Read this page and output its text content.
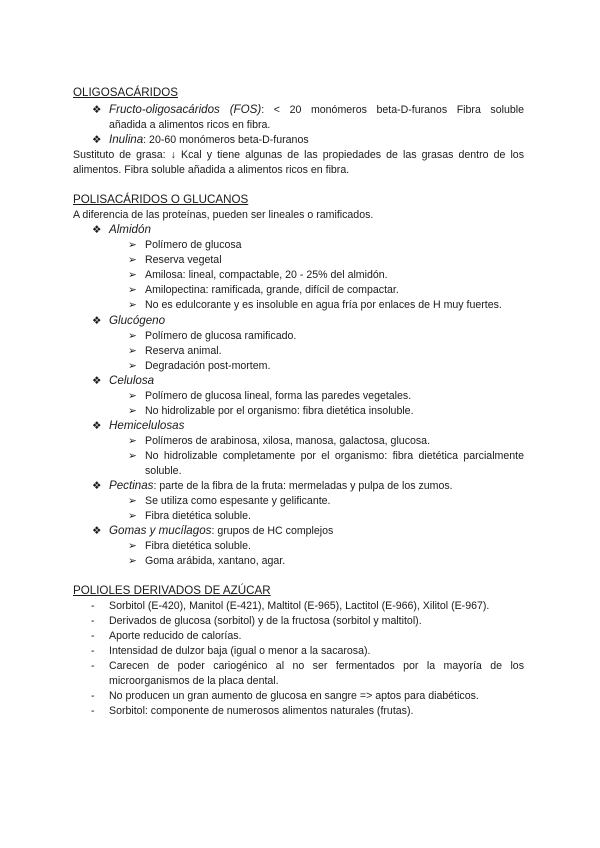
OLIGOSACÁRIDOS
❖ Fructo-oligosacáridos (FOS): < 20 monómeros beta-D-furanos Fibra soluble
añadida a alimentos ricos en fibra.
❖ Inulina: 20-60 monómeros beta-D-furanos
Sustituto de grasa: ↓ Kcal y tiene algunas de las propiedades de las grasas dentro de los
alimentos. Fibra soluble añadida a alimentos ricos en fibra.
POLISACÁRIDOS O GLUCANOS
A diferencia de las proteínas, pueden ser lineales o ramificados.
❖ Almidón
➢ Polímero de glucosa
➢ Reserva vegetal
➢ Amilosa: lineal, compactable, 20 - 25% del almidón.
➢ Amilopectina: ramificada, grande, difícil de compactar.
➢ No es edulcorante y es insoluble en agua fría por enlaces de H muy fuertes.
❖ Glucógeno
➢ Polímero de glucosa ramificado.
➢ Reserva animal.
➢ Degradación post-mortem.
❖ Celulosa
➢ Polímero de glucosa lineal, forma las paredes vegetales.
➢ No hidrolizable por el organismo: fibra dietética insoluble.
❖ Hemicelulosas
➢ Polímeros de arabinosa, xilosa, manosa, galactosa, glucosa.
➢ No hidrolizable completamente por el organismo: fibra dietética parcialmente
soluble.
❖ Pectinas: parte de la fibra de la fruta: mermeladas y pulpa de los zumos.
➢ Se utiliza como espesante y gelificante.
➢ Fibra dietética soluble.
❖ Gomas y mucílagos: grupos de HC complejos
➢ Fibra dietética soluble.
➢ Goma arábida, xantano, agar.
POLIOLES DERIVADOS DE AZÚCAR
- Sorbitol (E-420), Manitol (E-421), Maltitol (E-965), Lactitol (E-966), Xilitol (E-967).
- Derivados de glucosa (sorbitol) y de la fructosa (sorbitol y maltitol).
- Aporte reducido de calorías.
- Intensidad de dulzor baja (igual o menor a la sacarosa).
- Carecen de poder cariogénico al no ser fermentados por la mayoría de los
microorganismos de la placa dental.
- No producen un gran aumento de glucosa en sangre => aptos para diabéticos.
- Sorbitol: componente de numerosos alimentos naturales (frutas).
